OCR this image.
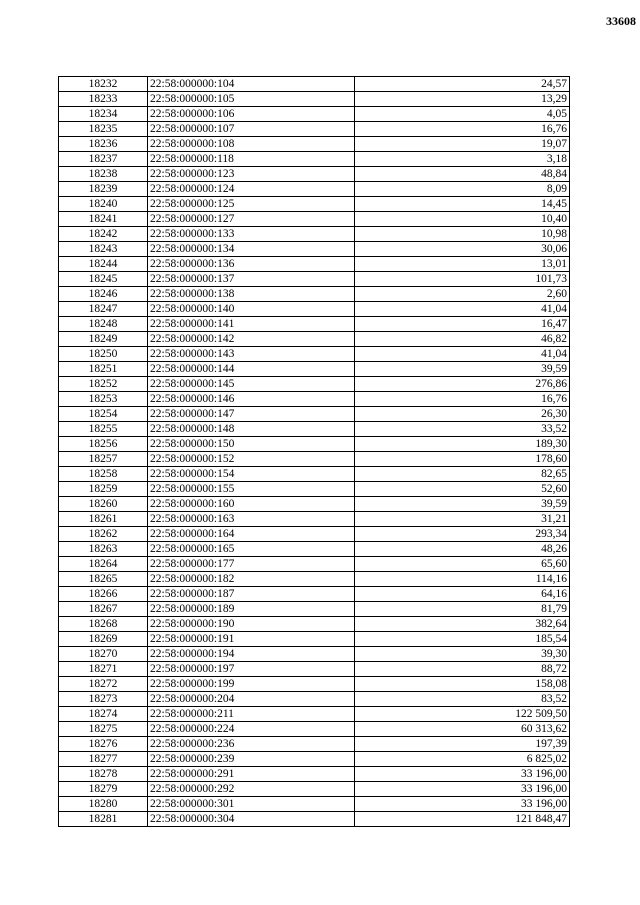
33608
18232	22:58:000000:104	24,57
18233	22:58:000000:105	13,29
18234	22:58:000000:106	4,05
18235	22:58:000000:107	16,76
18236	22:58:000000:108	19,07
18237	22:58:000000:118	3,18
18238	22:58:000000:123	48,84
18239	22:58:000000:124	8,09
18240	22:58:000000:125	14,45
18241	22:58:000000:127	10,40
18242	22:58:000000:133	10,98
18243	22:58:000000:134	30,06
18244	22:58:000000:136	13,01
18245	22:58:000000:137	101,73
18246	22:58:000000:138	2,60
18247	22:58:000000:140	41,04
18248	22:58:000000:141	16,47
18249	22:58:000000:142	46,82
18250	22:58:000000:143	41,04
18251	22:58:000000:144	39,59
18252	22:58:000000:145	276,86
18253	22:58:000000:146	16,76
18254	22:58:000000:147	26,30
18255	22:58:000000:148	33,52
18256	22:58:000000:150	189,30
18257	22:58:000000:152	178,60
18258	22:58:000000:154	82,65
18259	22:58:000000:155	52,60
18260	22:58:000000:160	39,59
18261	22:58:000000:163	31,21
18262	22:58:000000:164	293,34
18263	22:58:000000:165	48,26
18264	22:58:000000:177	65,60
18265	22:58:000000:182	114,16
18266	22:58:000000:187	64,16
18267	22:58:000000:189	81,79
18268	22:58:000000:190	382,64
18269	22:58:000000:191	185,54
18270	22:58:000000:194	39,30
18271	22:58:000000:197	88,72
18272	22:58:000000:199	158,08
18273	22:58:000000:204	83,52
18274	22:58:000000:211	122 509,50
18275	22:58:000000:224	60 313,62
18276	22:58:000000:236	197,39
18277	22:58:000000:239	6 825,02
18278	22:58:000000:291	33 196,00
18279	22:58:000000:292	33 196,00
18280	22:58:000000:301	33 196,00
18281	22:58:000000:304	121 848,47
